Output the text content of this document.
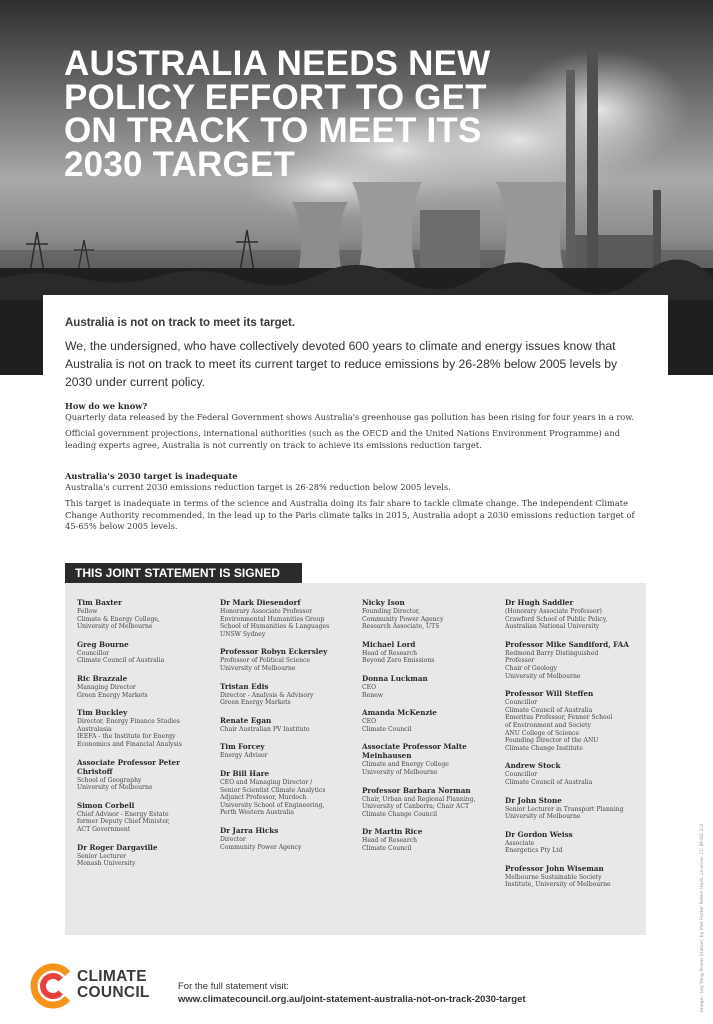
AUSTRALIA NEEDS NEW POLICY EFFORT TO GET ON TRACK TO MEET ITS 2030 TARGET
Australia is not on track to meet its target.
We, the undersigned, who have collectively devoted 600 years to climate and energy issues know that Australia is not on track to meet its current target to reduce emissions by 26-28% below 2005 levels by 2030 under current policy.
How do we know?

Quarterly data released by the Federal Government shows Australia's greenhouse gas pollution has been rising for four years in a row.

Official government projections, international authorities (such as the OECD and the United Nations Environment Programme) and leading experts agree, Australia is not currently on track to achieve its emissions reduction target.

Australia's 2030 target is inadequate

Australia's current 2030 emissions reduction target is 26-28% reduction below 2005 levels.

This target is inadequate in terms of the science and Australia doing its fair share to tackle climate change. The independent Climate Change Authority recommended, in the lead up to the Paris climate talks in 2015, Australia adopt a 2030 emissions reduction target of 45-65% below 2005 levels.

THIS JOINT STATEMENT IS SIGNED
Tim Baxter
Fellow
Climate & Energy College,
University of Melbourne
Greg Bourne
Councillor
Climate Council of Australia
Ric Brazzale
Managing Director
Green Energy Markets
Tim Buckley
Director, Energy Finance Studies
Australasia
IEEFA - the Institute for Energy
Economics and Financial Analysis
Associate Professor Peter Christoff
School of Geography
University of Melbourne
Simon Corbell
Chief Advisor - Energy Estate
former Deputy Chief Minister,
ACT Government
Dr Roger Dargaville
Senior Lecturer
Monash University
Dr Mark Diesendorf
Honorary Associate Professor
Environmental Humanities Group
School of Humanities & Languages
UNSW Sydney
Professor Robyn Eckersley
Professor of Political Science
University of Melbourne
Tristan Edis
Director - Analysis & Advisory
Green Energy Markets
Renate Egan
Chair Australian PV Institute
Tim Forcey
Energy Advisor
Dr Bill Hare
CEO and Managing Director /
Senior Scientist Climate Analytics
Adjunct Professor, Murdoch
University School of Engineering,
Perth Western Australia
Dr Jarra Hicks
Director
Community Power Agency
Nicky Ison
Founding Director,
Community Power Agency
Research Associate, UTS
Michael Lord
Head of Research
Beyond Zero Emissions
Donna Luckman
CEO
Renew
Amanda McKenzie
CEO
Climate Council
Associate Professor Malte Meinhausen
Climate and Energy College
University of Melbourne
Professor Barbara Norman
Chair, Urban and Regional Planning,
University of Canberra; Chair ACT
Climate Change Council
Dr Martin Rice
Head of Research
Climate Council
Dr Hugh Saddler
(Honorary Associate Professor)
Crawford School of Public Policy,
Australian National University
Professor Mike Sandiford, FAA
Redmond Barry Distinguished
Professor
Chair of Geology
University of Melbourne
Professor Will Steffen
Councillor
Climate Council of Australia
Emeritus Professor, Fenner School
of Environment and Society
ANU College of Science
Founding Director of the ANU
Climate Change Institute
Andrew Stock
Councillor
Climate Council of Australia
Dr John Stone
Senior Lecturer in Transport Planning
University of Melbourne
Dr Gordon Weiss
Associate
Energetics Pty Ltd
Professor John Wiseman
Melbourne Sustainable Society
Institute, University of Melbourne
CLIMATE
COUNCIL	For the full statement visit:
www.climatecouncil.org.au/joint-statement-australia-not-on-track-2030-target	Image: 'Loy Yang Power Station' by Mat Foster Rekon Hartl. License: CC BY-ND 2.0
